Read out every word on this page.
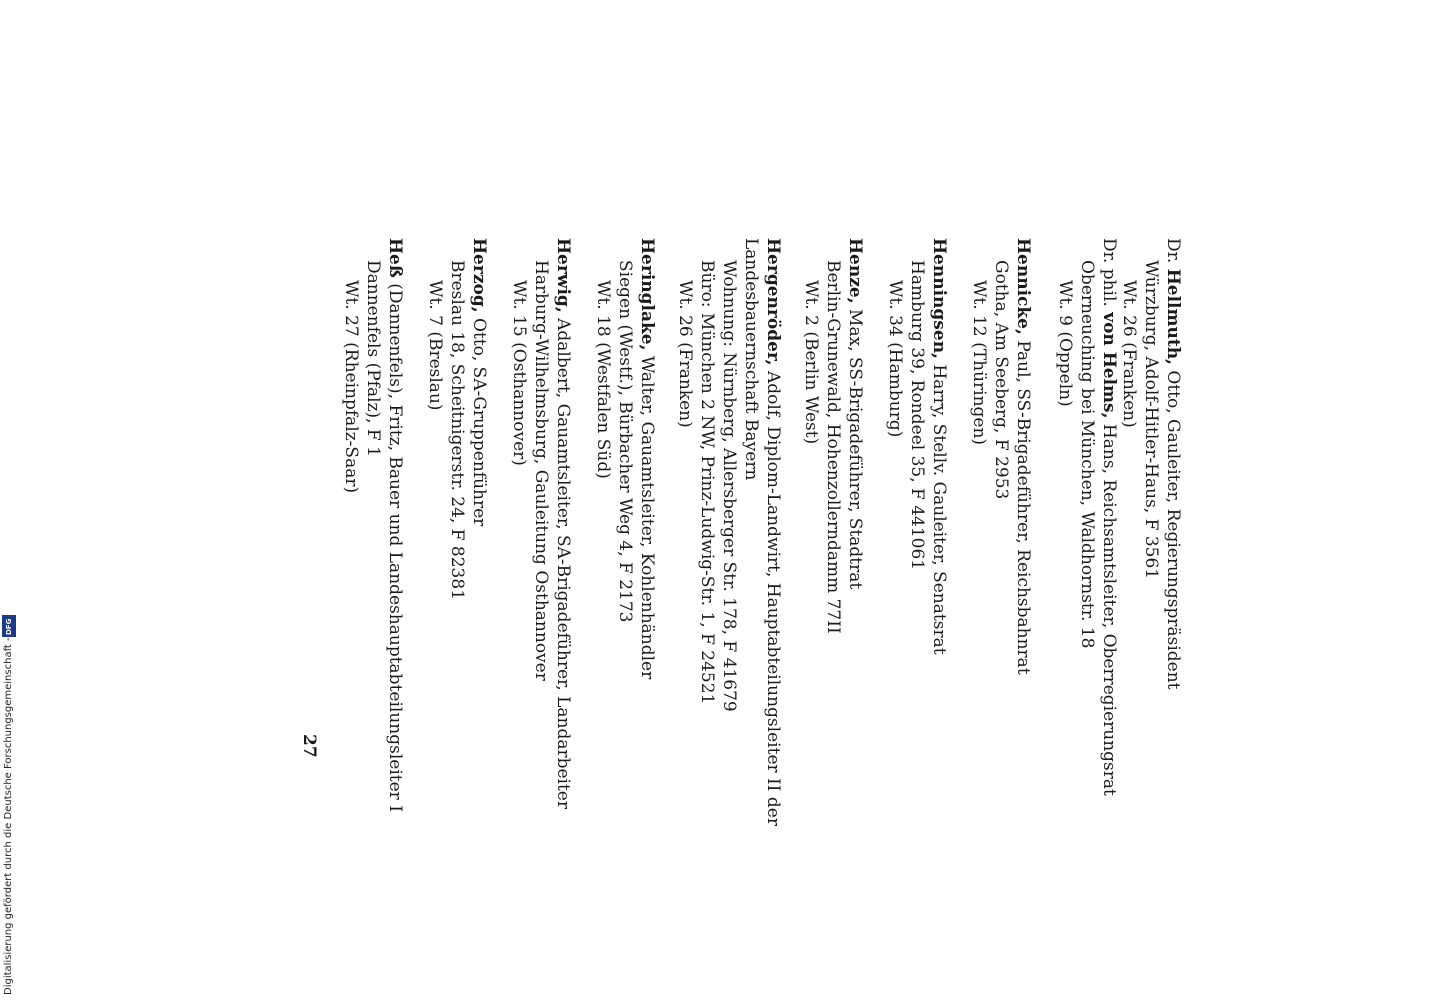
Dr. Hellmuth, Otto, Gauleiter, Regierungspräsident
Würzburg, Adolf-Hitler-Haus, F 3561
Wt. 26 (Franken)
Dr. phil. von Helms, Hans, Reichsamtsleiter, Oberregierungsrat
Oberneuching bei München, Waldhornstr. 18
Wt. 9 (Oppeln)
Hennicke, Paul, SS-Brigadeführer, Reichsbahnrat
Gotha, Am Seeberg, F 2953
Wt. 12 (Thüringen)
Henningsen, Harry, Stellv. Gauleiter, Senatsrat
Hamburg 39, Rondeel 35, F 441061
Wt. 34 (Hamburg)
Henze, Max, SS-Brigadeführer, Stadtrat
Berlin-Grunewald, Hohenzollerndamm 77II
Wt. 2 (Berlin West)
Hergenröder, Adolf, Diplom-Landwirt, Hauptabteilungsleiter II der
Landesbauernschaft Bayern
Wohnung: Nürnberg, Allersberger Str. 178, F 41679
Büro: München 2 NW, Prinz-Ludwig-Str. 1, F 24521
Wt. 26 (Franken)
Heringlake, Walter, Gauamtsleiter, Kohlenhändler
Siegen (Westf.), Bürbacher Weg 4, F 2173
Wt. 18 (Westfalen Süd)
Herwig, Adalbert, Gauamtsleiter, SA-Brigadeführer, Landarbeiter
Harburg-Wilhelmsburg, Gauleitung Osthannover
Wt. 15 (Osthannover)
Herzog, Otto, SA-Gruppenführer
Breslau 18, Scheitnigerstr. 24, F 82381
Wt. 7 (Breslau)
Heß (Dannenfels), Fritz, Bauer und Landeshauptabteilungsleiter I
Dannenfels (Pfalz), F 1
Wt. 27 (Rheinpfalz-Saar)
27
Digitalisierung gefördert durch die Deutsche Forschungsgemeinschaft -
DFG
